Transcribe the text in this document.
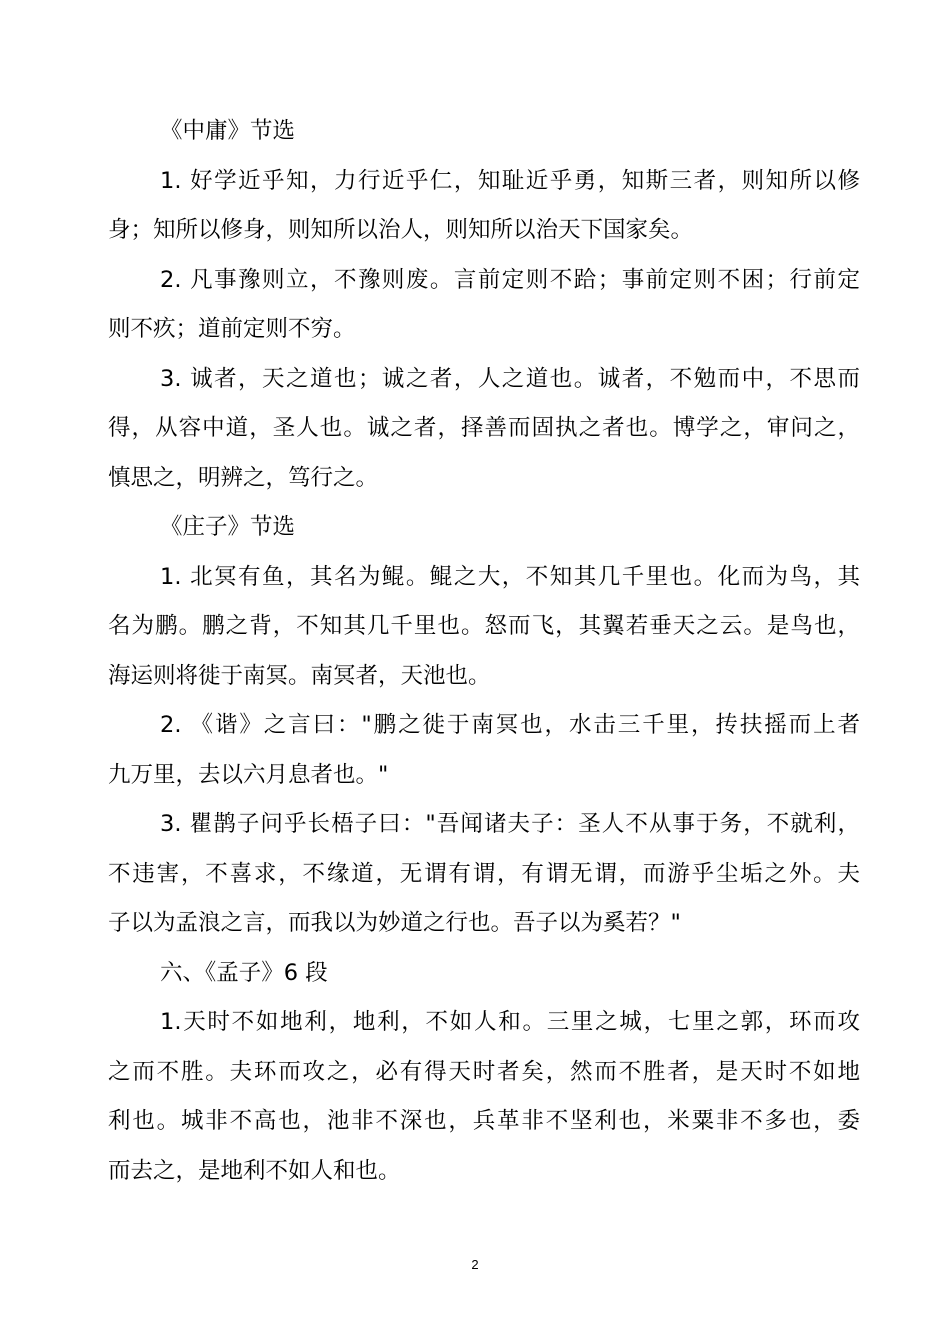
《中庸》节选
1. 好学近乎知，力行近乎仁，知耻近乎勇，知斯三者，则知所以修
身；知所以修身，则知所以治人，则知所以治天下国家矣。
2. 凡事豫则立，不豫则废。言前定则不跲；事前定则不困；行前定
则不疚；道前定则不穷。
3. 诚者，天之道也；诚之者，人之道也。诚者，不勉而中，不思而
得，从容中道，圣人也。诚之者，择善而固执之者也。博学之，审问之，
慎思之，明辨之，笃行之。
《庄子》节选
1. 北冥有鱼，其名为鲲。鲲之大，不知其几千里也。化而为鸟，其
名为鹏。鹏之背，不知其几千里也。怒而飞，其翼若垂天之云。是鸟也，
海运则将徙于南冥。南冥者，天池也。
2. 《谐》之言曰："鹏之徙于南冥也，水击三千里，抟扶摇而上者
九万里，去以六月息者也。"
3. 瞿鹊子问乎长梧子曰："吾闻诸夫子：圣人不从事于务，不就利，
不违害，不喜求，不缘道，无谓有谓，有谓无谓，而游乎尘垢之外。夫
子以为孟浪之言，而我以为妙道之行也。吾子以为奚若？"
六、《孟子》6 段
1.天时不如地利，地利，不如人和。三里之城，七里之郭，环而攻
之而不胜。夫环而攻之，必有得天时者矣，然而不胜者，是天时不如地
利也。城非不高也，池非不深也，兵革非不坚利也，米粟非不多也，委
而去之，是地利不如人和也。
2
